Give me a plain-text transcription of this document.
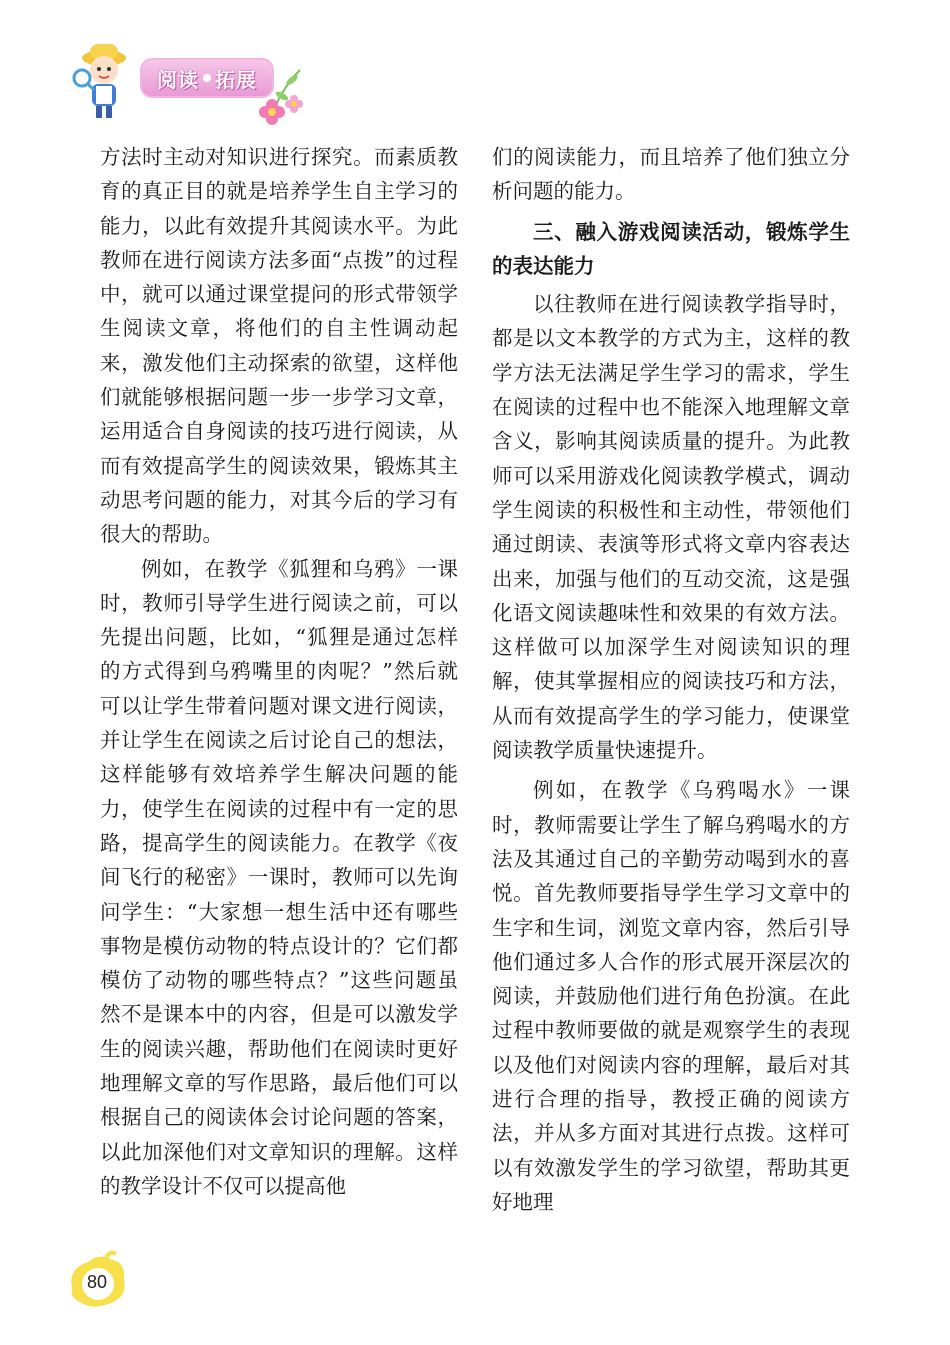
阅读 拓展

方法时主动对知识进行探究。而素质教育的真正目的就是培养学生自主学习的能力，以此有效提升其阅读水平。为此教师在进行阅读方法多面“点拨”的过程中，就可以通过课堂提问的形式带领学生阅读文章，将他们的自主性调动起来，激发他们主动探索的欲望，这样他们就能够根据问题一步一步学习文章，运用适合自身阅读的技巧进行阅读，从而有效提高学生的阅读效果，锻炼其主动思考问题的能力，对其今后的学习有很大的帮助。

例如，在教学《狐狸和乌鸦》一课时，教师引导学生进行阅读之前，可以先提出问题，比如，“狐狸是通过怎样的方式得到乌鸦嘴里的肉呢？”然后就可以让学生带着问题对课文进行阅读，并让学生在阅读之后讨论自己的想法，这样能够有效培养学生解决问题的能力，使学生在阅读的过程中有一定的思路，提高学生的阅读能力。在教学《夜间飞行的秘密》一课时，教师可以先询问学生：“大家想一想生活中还有哪些事物是模仿动物的特点设计的？它们都模仿了动物的哪些特点？”这些问题虽然不是课本中的内容，但是可以激发学生的阅读兴趣，帮助他们在阅读时更好地理解文章的写作思路，最后他们可以根据自己的阅读体会讨论问题的答案，以此加深他们对文章知识的理解。这样的教学设计不仅可以提高他

们的阅读能力，而且培养了他们独立分析问题的能力。

三、融入游戏阅读活动，锻炼学生的表达能力

以往教师在进行阅读教学指导时，都是以文本教学的方式为主，这样的教学方法无法满足学生学习的需求，学生在阅读的过程中也不能深入地理解文章含义，影响其阅读质量的提升。为此教师可以采用游戏化阅读教学模式，调动学生阅读的积极性和主动性，带领他们通过朗读、表演等形式将文章内容表达出来，加强与他们的互动交流，这是强化语文阅读趣味性和效果的有效方法。这样做可以加深学生对阅读知识的理解，使其掌握相应的阅读技巧和方法，从而有效提高学生的学习能力，使课堂阅读教学质量快速提升。

例如，在教学《乌鸦喝水》一课时，教师需要让学生了解乌鸦喝水的方法及其通过自己的辛勤劳动喝到水的喜悦。首先教师要指导学生学习文章中的生字和生词，浏览文章内容，然后引导他们通过多人合作的形式展开深层次的阅读，并鼓励他们进行角色扮演。在此过程中教师要做的就是观察学生的表现以及他们对阅读内容的理解，最后对其进行合理的指导，教授正确的阅读方法，并从多方面对其进行点拨。这样可以有效激发学生的学习欲望，帮助其更好地理

80
